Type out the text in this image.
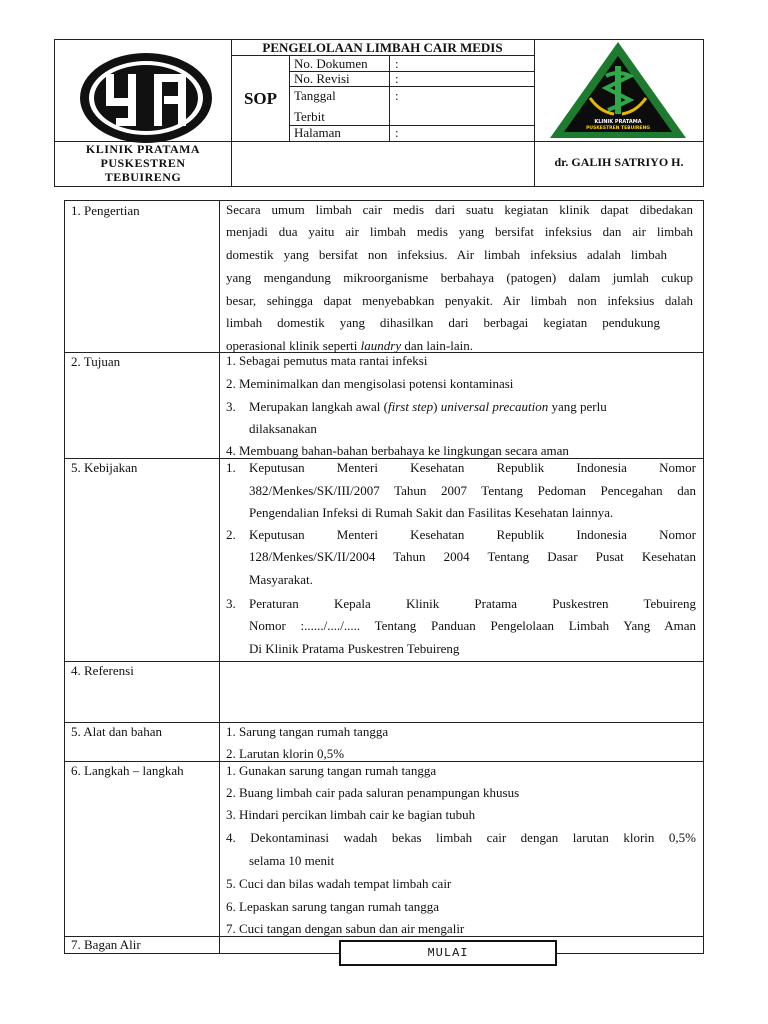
KLINIK PRATAMA
PUSKESTREN
TEBUIRENG
PENGELOLAAN LIMBAH CAIR MEDIS
SOP
No. Dokumen :
No. Revisi	:
Tanggal	:
Terbit
Halaman	:
dr. GALIH SATRIYO H.
KLINIK PRATAMA
PUSKESTREN TEBUIRENG
1. Pengertian	Secara umum limbah cair medis dari suatu kegiatan klinik dapat dibedakan
menjadi dua yaitu air limbah medis yang bersifat infeksius dan air limbah
domestik yang bersifat non infeksius. Air limbah infeksius adalah limbah
yang mengandung mikroorganisme berbahaya (patogen) dalam jumlah cukup
besar, sehingga dapat menyebabkan penyakit. Air limbah non infeksius dalah
limbah domestik yang dihasilkan dari berbagai kegiatan pendukung
operasional klinik seperti laundry dan lain-lain.
2. Tujuan	1. Sebagai pemutus mata rantai infeksi
2. Meminimalkan dan mengisolasi potensi kontaminasi
3. Merupakan langkah awal (first step) universal precaution yang perlu
dilaksanakan
4. Membuang bahan-bahan berbahaya ke lingkungan secara aman
5. Kebijakan	1. Keputusan Menteri Kesehatan Republik Indonesia Nomor
382/Menkes/SK/III/2007 Tahun 2007 Tentang Pedoman Pencegahan dan
Pengendalian Infeksi di Rumah Sakit dan Fasilitas Kesehatan lainnya.
2. Keputusan Menteri Kesehatan Republik Indonesia Nomor
128/Menkes/SK/II/2004 Tahun 2004 Tentang Dasar Pusat Kesehatan
Masyarakat.
3. Peraturan Kepala Klinik Pratama Puskestren Tebuireng
Nomor :....../..../..... Tentang Panduan Pengelolaan Limbah Yang Aman
Di Klinik Pratama Puskestren Tebuireng
4. Referensi
5. Alat dan bahan	1. Sarung tangan rumah tangga
2. Larutan klorin 0,5%
6. Langkah – langkah	1. Gunakan sarung tangan rumah tangga
2. Buang limbah cair pada saluran penampungan khusus
3. Hindari percikan limbah cair ke bagian tubuh
4. Dekontaminasi wadah bekas limbah cair dengan larutan klorin 0,5%
selama 10 menit
5. Cuci dan bilas wadah tempat limbah cair
6. Lepaskan sarung tangan rumah tangga
7. Cuci tangan dengan sabun dan air mengalir
7. Bagan Alir
MULAI
